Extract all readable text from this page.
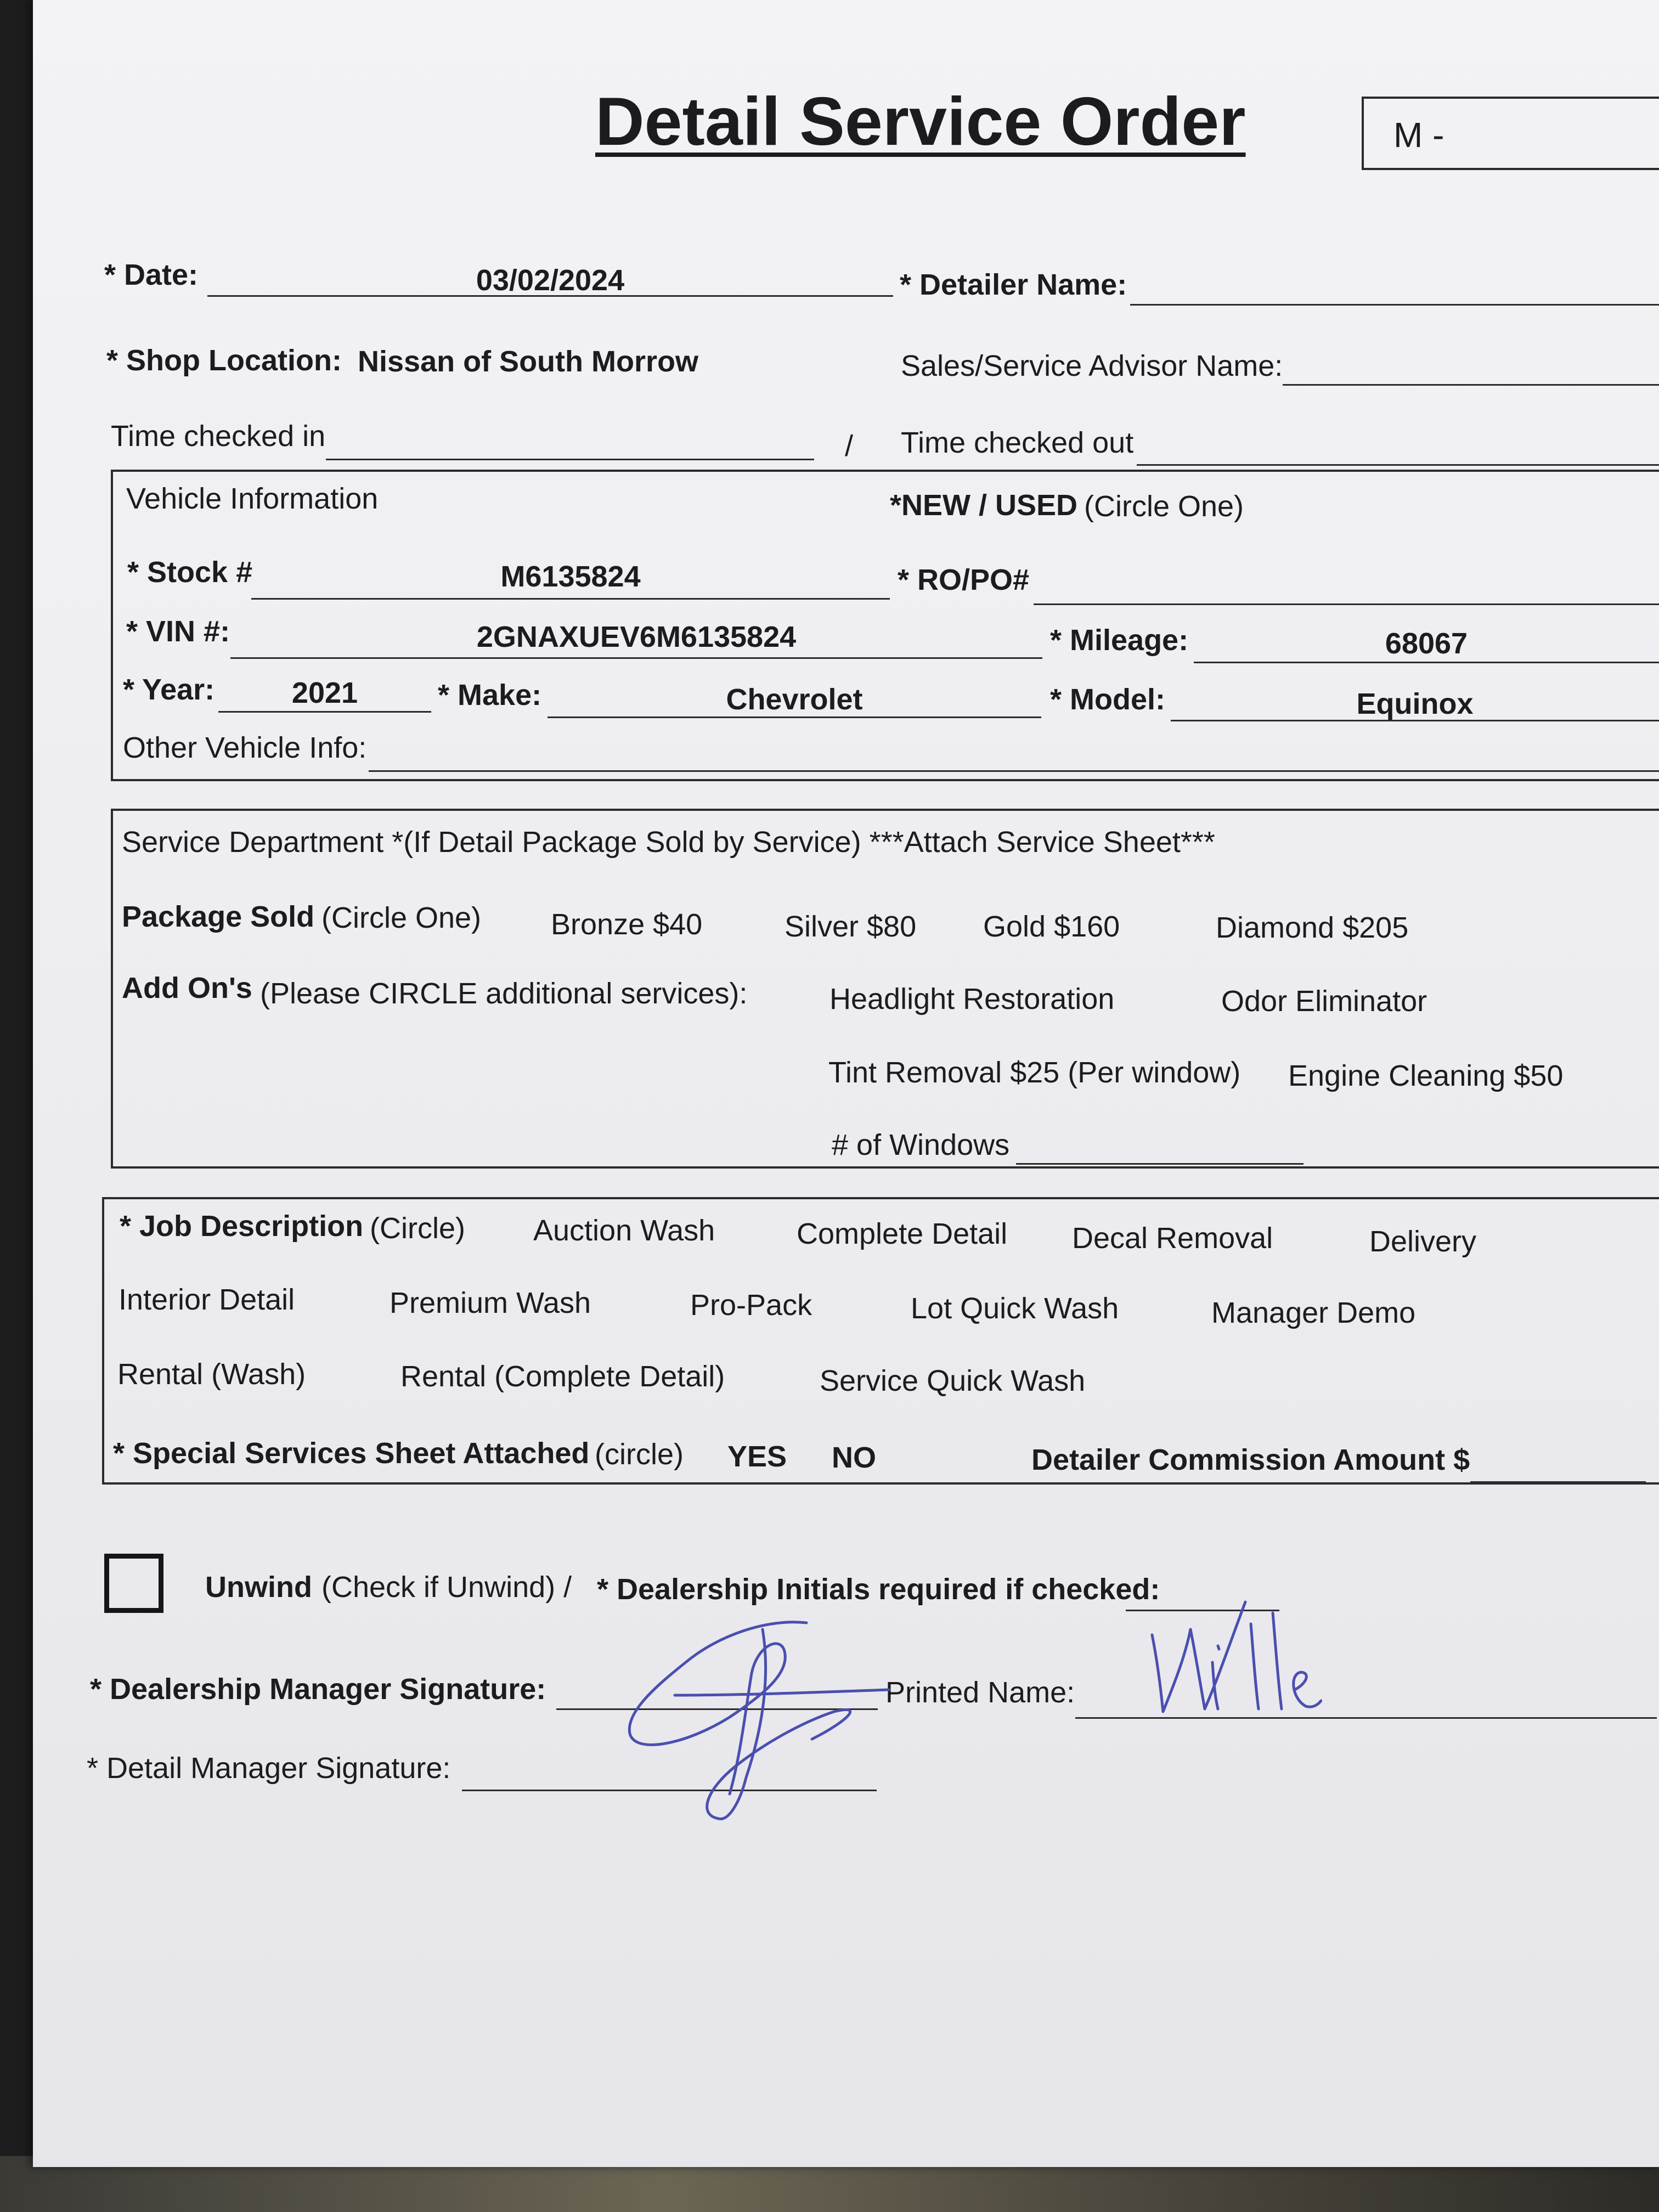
Detail Service Order	M -
* Date:	03/02/2024	* Detailer Name:
* Shop Location: Nissan of South Morrow	Sales/Service Advisor Name:
Time checked in	/ Time checked out
Vehicle Information	*NEW / USED (Circle One)
* Stock #	M6135824	* RO/PO#
* VIN #:	2GNAXUEV6M6135824	* Mileage:	68067
* Year:	2021	* Make:	Chevrolet	* Model:	Equinox
Other Vehicle Info:
Service Department *(If Detail Package Sold by Service) ***Attach Service Sheet***
Package Sold (Circle One) Bronze $40	Silver $80 Gold $160	Diamond $205
Add On's (Please CIRCLE additional services):	Headlight Restoration	Odor Eliminator
Tint Removal $25 (Per window) Engine Cleaning $50
# of Windows
* Job Description (Circle) Auction Wash	Complete Detail Decal Removal	Delivery
Interior Detail	Premium Wash	Pro-Pack	Lot Quick Wash	Manager Demo
Rental (Wash)	Rental (Complete Detail)	Service Quick Wash
* Special Services Sheet Attached (circle) YES NO	Detailer Commission Amount $
Unwind (Check if Unwind) / * Dealership Initials required if checked:
* Dealership Manager Signature:	Printed Name:
* Detail Manager Signature:
